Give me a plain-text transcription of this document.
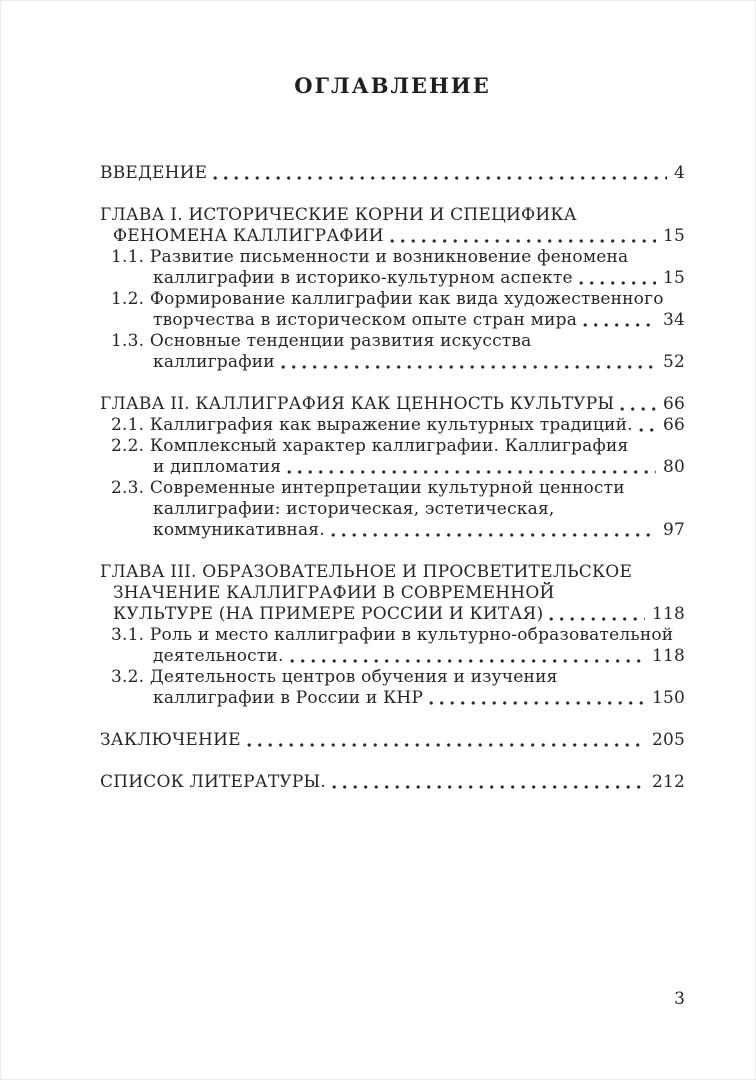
ОГЛАВЛЕНИЕ
ВВЕДЕНИЕ	4
ГЛАВА I. ИСТОРИЧЕСКИЕ КОРНИ И СПЕЦИФИКА
ФЕНОМЕНА КАЛЛИГРАФИИ	15
1.1. Развитие письменности и возникновение феномена
каллиграфии в историко-культурном аспекте	15
1.2. Формирование каллиграфии как вида художественного
творчества в историческом опыте стран мира	34
1.3. Основные тенденции развития искусства
каллиграфии	52
ГЛАВА II. КАЛЛИГРАФИЯ КАК ЦЕННОСТЬ КУЛЬТУРЫ	66
2.1. Каллиграфия как выражение культурных традиций. 66
2.2. Комплексный характер каллиграфии. Каллиграфия
и дипломатия	80
2.3. Современные интерпретации культурной ценности
каллиграфии: историческая, эстетическая,
коммуникативная.	97
ГЛАВА III. ОБРАЗОВАТЕЛЬНОЕ И ПРОСВЕТИТЕЛЬСКОЕ
ЗНАЧЕНИЕ КАЛЛИГРАФИИ В СОВРЕМЕННОЙ
КУЛЬТУРЕ (НА ПРИМЕРЕ РОССИИ И КИТАЯ)	118
3.1. Роль и место каллиграфии в культурно-образовательной
деятельности.	118
3.2. Деятельность центров обучения и изучения
каллиграфии в России и КНР	150
ЗАКЛЮЧЕНИЕ	205
СПИСОК ЛИТЕРАТУРЫ.	212
3
